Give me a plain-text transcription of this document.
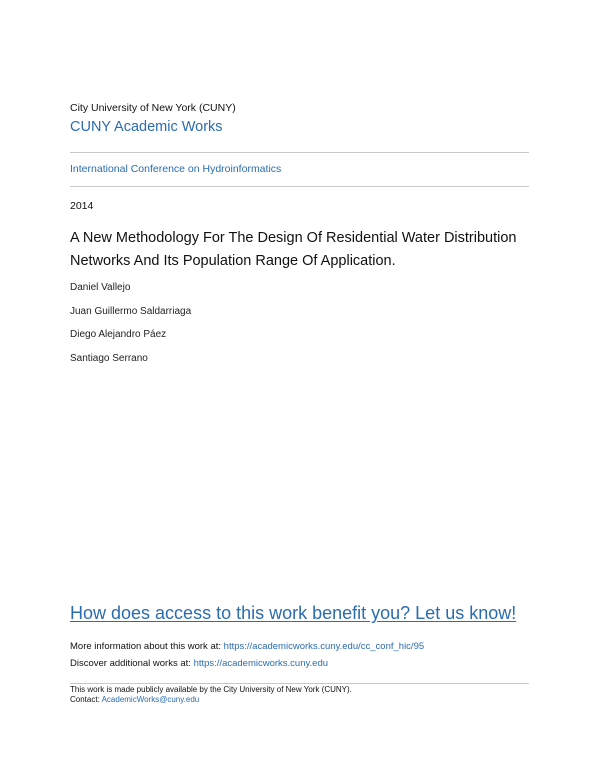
City University of New York (CUNY)
CUNY Academic Works
International Conference on Hydroinformatics
2014
A New Methodology For The Design Of Residential Water Distribution Networks And Its Population Range Of Application.
Daniel Vallejo
Juan Guillermo Saldarriaga
Diego Alejandro Páez
Santiago Serrano
How does access to this work benefit you? Let us know!
More information about this work at: https://academicworks.cuny.edu/cc_conf_hic/95
Discover additional works at: https://academicworks.cuny.edu
This work is made publicly available by the City University of New York (CUNY).
Contact: AcademicWorks@cuny.edu
